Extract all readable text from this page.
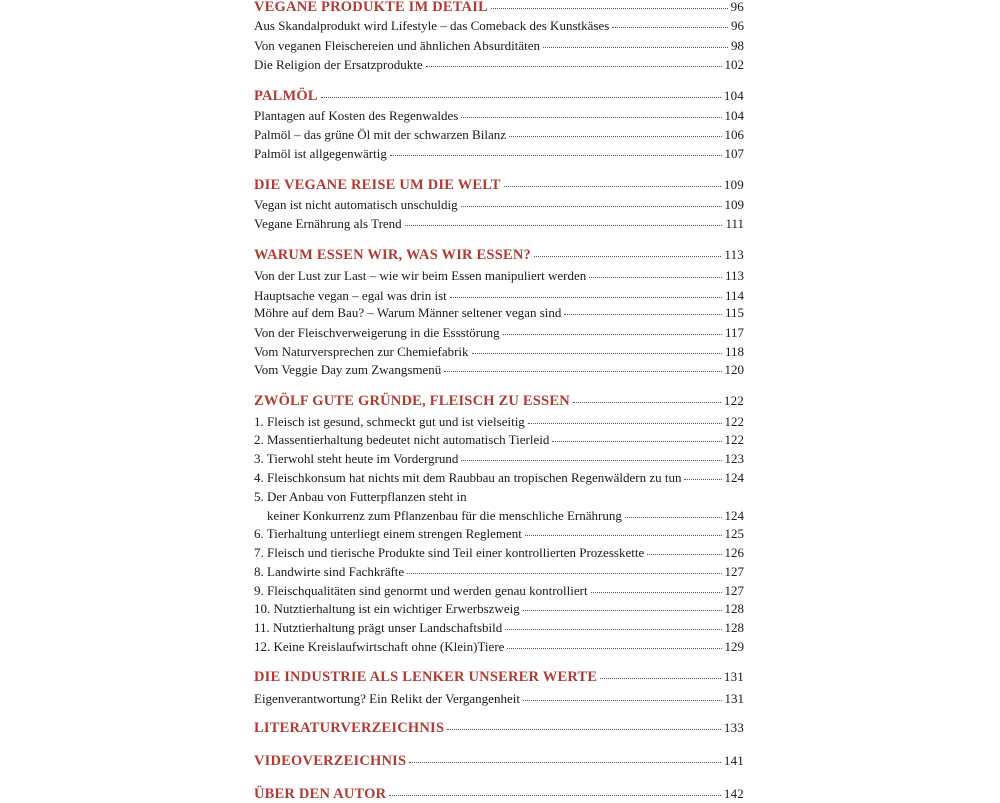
VEGANE PRODUKTE IM DETAIL	96
Aus Skandalprodukt wird Lifestyle – das Comeback des Kunstkäses	96
Von veganen Fleischereien und ähnlichen Absurditäten	98
Die Religion der Ersatzprodukte	102
PALMÖL	104
Plantagen auf Kosten des Regenwaldes	104
Palmöl – das grüne Öl mit der schwarzen Bilanz	106
Palmöl ist allgegenwärtig	107
DIE VEGANE REISE UM DIE WELT	109
Vegan ist nicht automatisch unschuldig	109
Vegane Ernährung als Trend	111
WARUM ESSEN WIR, WAS WIR ESSEN?	113
Von der Lust zur Last – wie wir beim Essen manipuliert werden	113
Hauptsache vegan – egal was drin ist	114
Möhre auf dem Bau? – Warum Männer seltener vegan sind	115
Von der Fleischverweigerung in die Essstörung	117
Vom Naturversprechen zur Chemiefabrik	118
Vom Veggie Day zum Zwangsmenü	120
ZWÖLF GUTE GRÜNDE, FLEISCH ZU ESSEN	122
1. Fleisch ist gesund, schmeckt gut und ist vielseitig	122
2. Massentierhaltung bedeutet nicht automatisch Tierleid	122
3. Tierwohl steht heute im Vordergrund	123
4. Fleischkonsum hat nichts mit dem Raubbau an tropischen Regenwäldern zu tun	124
5. Der Anbau von Futterpflanzen steht in
keiner Konkurrenz zum Pflanzenbau für die menschliche Ernährung	124
6. Tierhaltung unterliegt einem strengen Reglement	125
7. Fleisch und tierische Produkte sind Teil einer kontrollierten Prozesskette	126
8. Landwirte sind Fachkräfte	127
9. Fleischqualitäten sind genormt und werden genau kontrolliert	127
10. Nutztierhaltung ist ein wichtiger Erwerbszweig	128
11. Nutztierhaltung prägt unser Landschaftsbild	128
12. Keine Kreislaufwirtschaft ohne (Klein)Tiere	129
DIE INDUSTRIE ALS LENKER UNSERER WERTE	131
Eigenverantwortung? Ein Relikt der Vergangenheit	131
LITERATURVERZEICHNIS	133
VIDEOVERZEICHNIS	141
ÜBER DEN AUTOR	142
